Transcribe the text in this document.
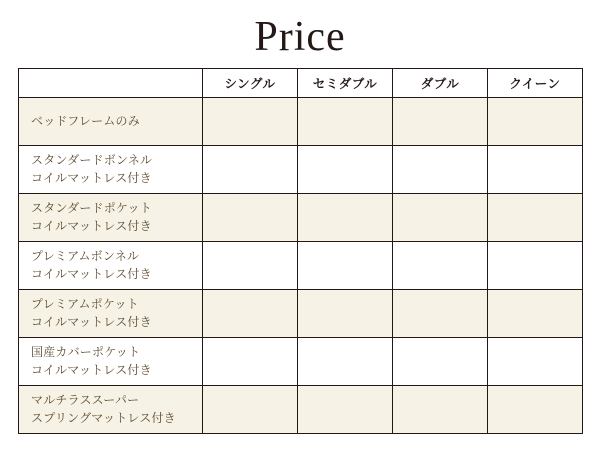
Price
	シングル	セミダブル	ダブル	クイーン

ベッドフレームのみ				

スタンダードボンネル
コイルマットレス付き				

スタンダードポケット
コイルマットレス付き				

プレミアムボンネル
コイルマットレス付き				

プレミアムポケット
コイルマットレス付き				

国産カバーポケット
コイルマットレス付き				

マルチラススーパー
スプリングマットレス付き				
